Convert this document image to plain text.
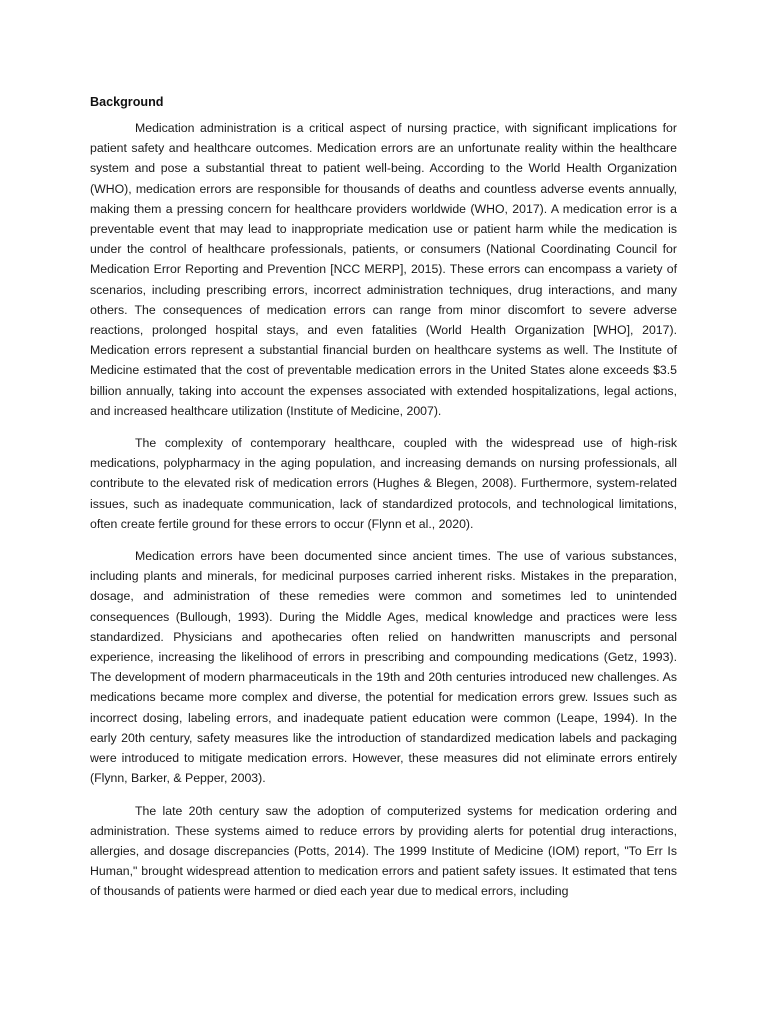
Background

Medication administration is a critical aspect of nursing practice, with significant implications for patient safety and healthcare outcomes. Medication errors are an unfortunate reality within the healthcare system and pose a substantial threat to patient well-being. According to the World Health Organization (WHO), medication errors are responsible for thousands of deaths and countless adverse events annually, making them a pressing concern for healthcare providers worldwide (WHO, 2017). A medication error is a preventable event that may lead to inappropriate medication use or patient harm while the medication is under the control of healthcare professionals, patients, or consumers (National Coordinating Council for Medication Error Reporting and Prevention [NCC MERP], 2015). These errors can encompass a variety of scenarios, including prescribing errors, incorrect administration techniques, drug interactions, and many others. The consequences of medication errors can range from minor discomfort to severe adverse reactions, prolonged hospital stays, and even fatalities (World Health Organization [WHO], 2017). Medication errors represent a substantial financial burden on healthcare systems as well. The Institute of Medicine estimated that the cost of preventable medication errors in the United States alone exceeds $3.5 billion annually, taking into account the expenses associated with extended hospitalizations, legal actions, and increased healthcare utilization (Institute of Medicine, 2007).

The complexity of contemporary healthcare, coupled with the widespread use of high-risk medications, polypharmacy in the aging population, and increasing demands on nursing professionals, all contribute to the elevated risk of medication errors (Hughes & Blegen, 2008). Furthermore, system-related issues, such as inadequate communication, lack of standardized protocols, and technological limitations, often create fertile ground for these errors to occur (Flynn et al., 2020).

Medication errors have been documented since ancient times. The use of various substances, including plants and minerals, for medicinal purposes carried inherent risks. Mistakes in the preparation, dosage, and administration of these remedies were common and sometimes led to unintended consequences (Bullough, 1993). During the Middle Ages, medical knowledge and practices were less standardized. Physicians and apothecaries often relied on handwritten manuscripts and personal experience, increasing the likelihood of errors in prescribing and compounding medications (Getz, 1993). The development of modern pharmaceuticals in the 19th and 20th centuries introduced new challenges. As medications became more complex and diverse, the potential for medication errors grew. Issues such as incorrect dosing, labeling errors, and inadequate patient education were common (Leape, 1994). In the early 20th century, safety measures like the introduction of standardized medication labels and packaging were introduced to mitigate medication errors. However, these measures did not eliminate errors entirely (Flynn, Barker, & Pepper, 2003).

The late 20th century saw the adoption of computerized systems for medication ordering and administration. These systems aimed to reduce errors by providing alerts for potential drug interactions, allergies, and dosage discrepancies (Potts, 2014). The 1999 Institute of Medicine (IOM) report, "To Err Is Human," brought widespread attention to medication errors and patient safety issues. It estimated that tens of thousands of patients were harmed or died each year due to medical errors, including
